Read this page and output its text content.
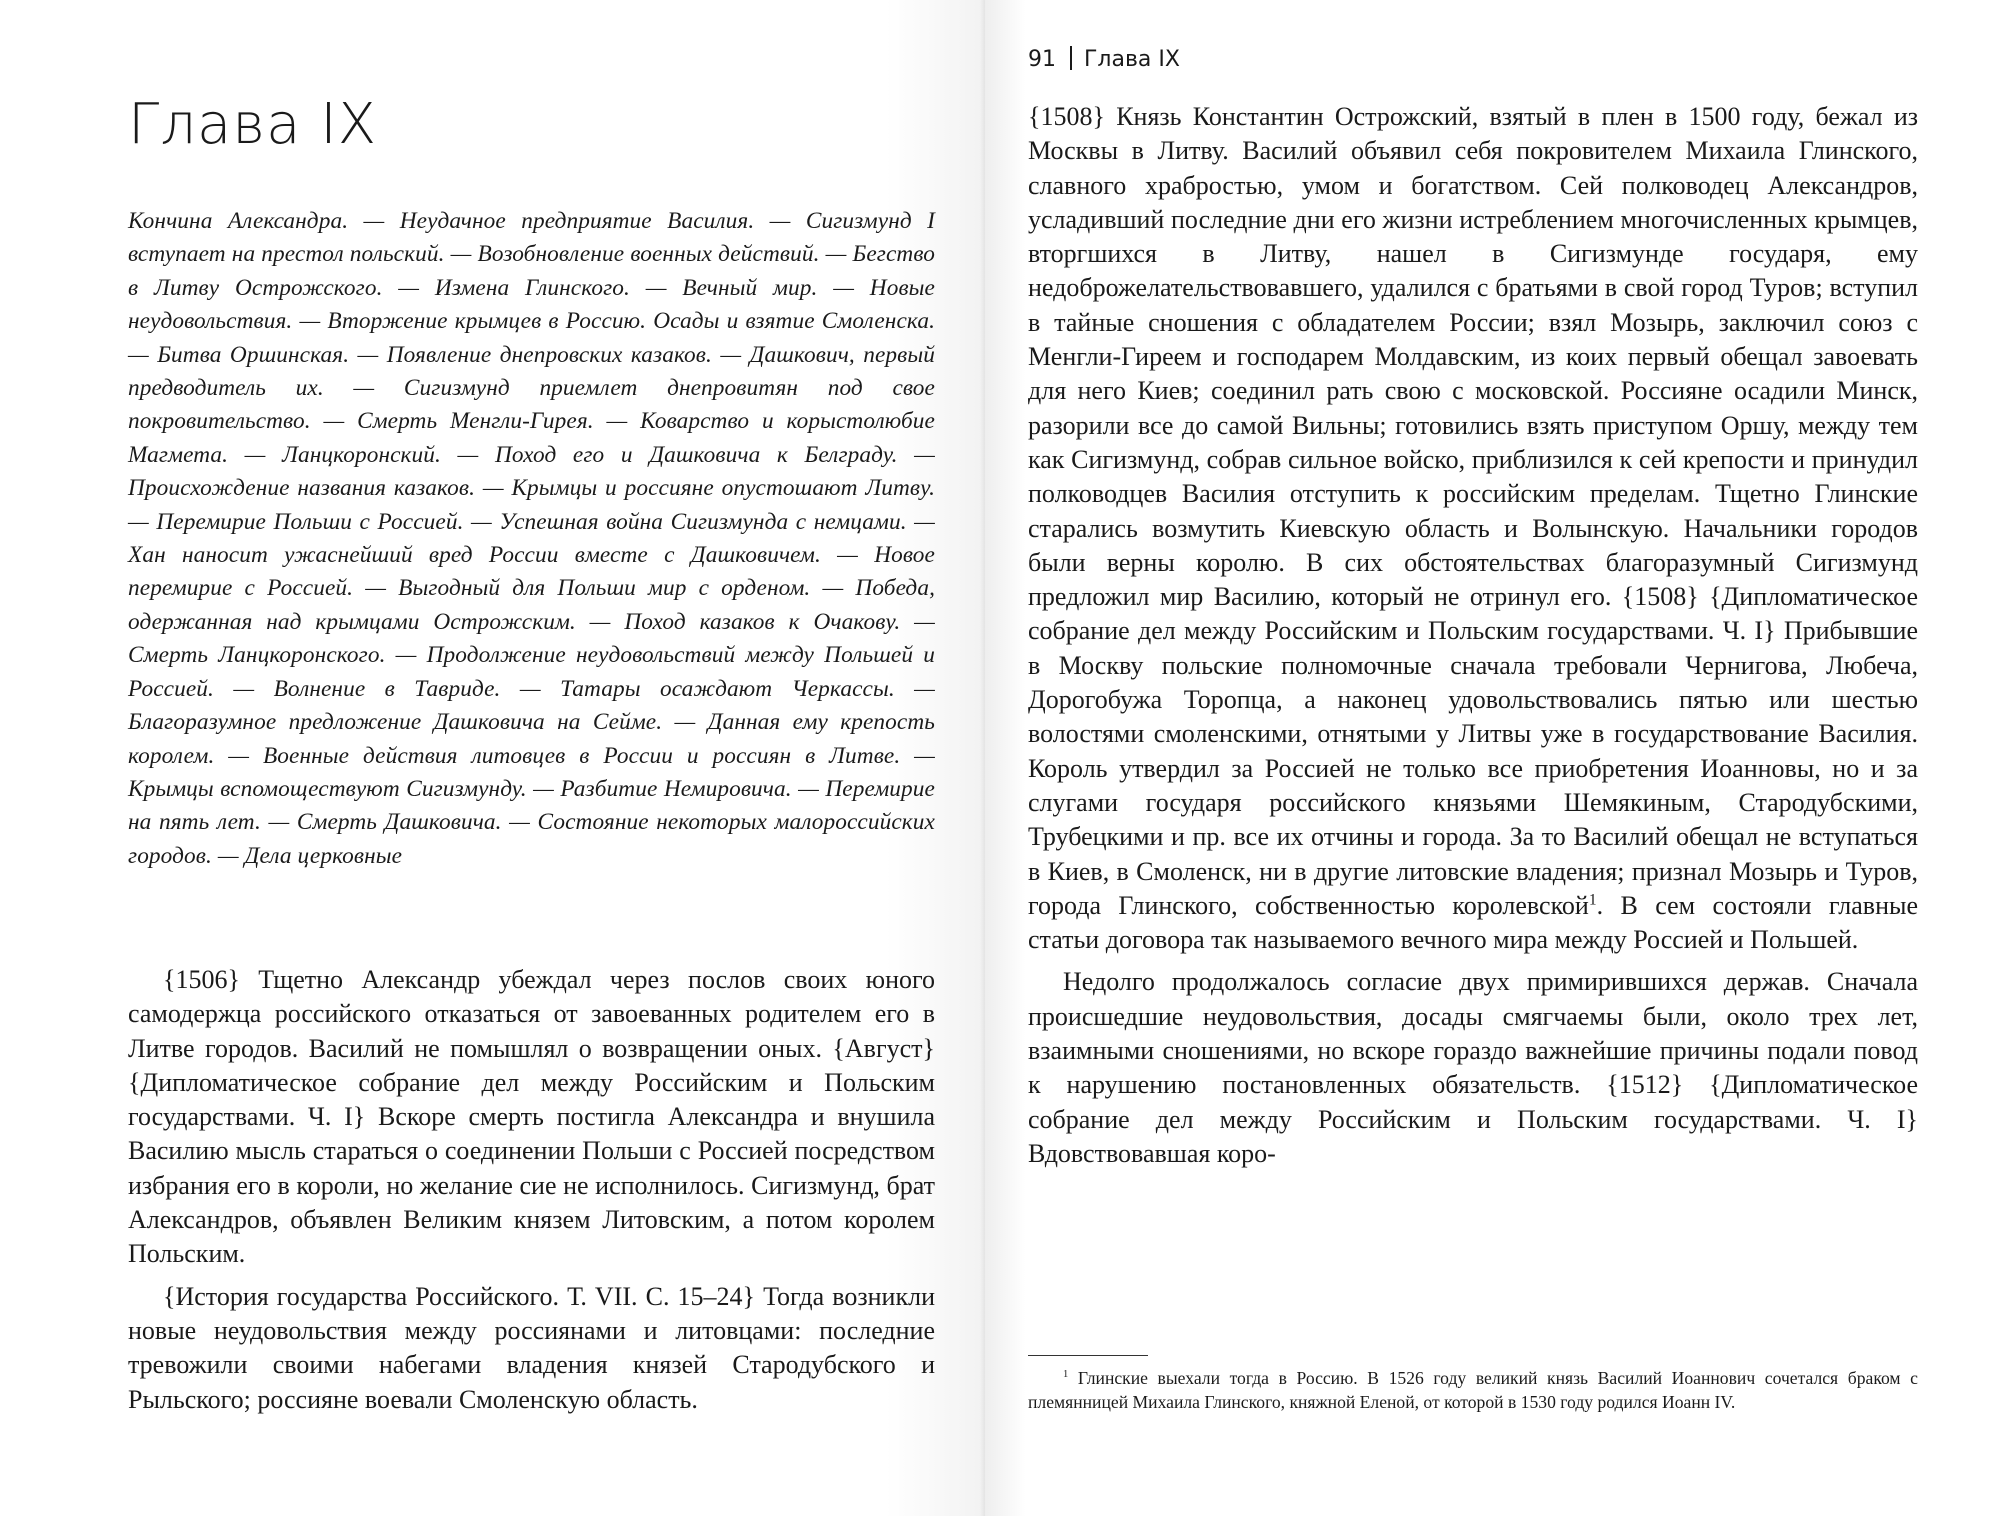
Глава IX

Кончина Александра. — Неудачное предприятие Василия. — Сигизмунд I вступает на престол польский. — Возобновление военных действий. — Бегство в Литву Острожского. — Измена Глинского. — Вечный мир. — Новые неудовольствия. — Вторжение крымцев в Россию. Осады и взятие Смоленска. — Битва Оршинская. — Появление днепровских казаков. — Дашкович, первый предводитель их. — Сигизмунд приемлет днепровитян под свое покровительство. — Смерть Менгли-Гирея. — Коварство и корыстолюбие Магмета. — Ланцкоронский. — Поход его и Дашковича к Белграду. — Происхождение названия казаков. — Крымцы и россияне опустошают Литву. — Перемирие Польши с Россией. — Успешная война Сигизмунда с немцами. — Хан наносит ужаснейший вред России вместе с Дашковичем. — Новое перемирие с Россией. — Выгодный для Польши мир с орденом. — Победа, одержанная над крымцами Острожским. — Поход казаков к Очакову. — Смерть Ланцкоронского. — Продолжение неудовольствий между Польшей и Россией. — Волнение в Тавриде. — Татары осаждают Черкассы. — Благоразумное предложение Дашковича на Сейме. — Данная ему крепость королем. — Военные действия литовцев в России и россиян в Литве. — Крымцы вспомоществуют Сигизмунду. — Разбитие Немировича. — Перемирие на пять лет. — Смерть Дашковича. — Состояние некоторых малороссийских городов. — Дела церковные

{1506} Тщетно Александр убеждал через послов своих юного самодержца российского отказаться от завоеванных родителем его в Литве городов. Василий не помышлял о возвращении оных. {Август} {Дипломатическое собрание дел между Российским и Польским государствами. Ч. I} Вскоре смерть постигла Александра и внушила Василию мысль стараться о соединении Польши с Россией посредством избрания его в короли, но желание сие не исполнилось. Сигизмунд, брат Александров, объявлен Великим князем Литовским, а потом королем Польским.

{История государства Российского. Т. VII. С. 15–24} Тогда возникли новые неудовольствия между россиянами и литовцами: последние тревожили своими набегами владения князей Стародубского и Рыльского; россияне воевали Смоленскую область.

91 Глава IX

{1508} Князь Константин Острожский, взятый в плен в 1500 году, бежал из Москвы в Литву. Василий объявил себя покровителем Михаила Глинского, славного храбростью, умом и богатством. Сей полководец Александров, усладивший последние дни его жизни истреблением многочисленных крымцев, вторгшихся в Литву, нашел в Сигизмунде государя, ему недоброжелательствовавшего, удалился с братьями в свой город Туров; вступил в тайные сношения с обладателем России; взял Мозырь, заключил союз с Менгли-Гиреем и господарем Молдавским, из коих первый обещал завоевать для него Киев; соединил рать свою с московской. Россияне осадили Минск, разорили все до самой Вильны; готовились взять приступом Оршу, между тем как Сигизмунд, собрав сильное войско, приблизился к сей крепости и принудил полководцев Василия отступить к российским пределам. Тщетно Глинские старались возмутить Киевскую область и Волынскую. Начальники городов были верны королю. В сих обстоятельствах благоразумный Сигизмунд предложил мир Василию, который не отринул его. {1508} {Дипломатическое собрание дел между Российским и Польским государствами. Ч. I} Прибывшие в Москву польские полномочные сначала требовали Чернигова, Любеча, Дорогобужа Торопца, а наконец удовольствовались пятью или шестью волостями смоленскими, отнятыми у Литвы уже в государствование Василия. Король утвердил за Россией не только все приобретения Иоанновы, но и за слугами государя российского князьями Шемякиным, Стародубскими, Трубецкими и пр. все их отчины и города. За то Василий обещал не вступаться в Киев, в Смоленск, ни в другие литовские владения; признал Мозырь и Туров, города Глинского, собственностью королевской$^1$. В сем состояли главные статьи договора так называемого вечного мира между Россией и Польшей.

Недолго продолжалось согласие двух примирившихся держав. Сначала происшедшие неудовольствия, досады смягчаемы были, около трех лет, взаимными сношениями, но вскоре гораздо важнейшие причины подали повод к нарушению постановленных обязательств. {1512} {Дипломатическое собрание дел между Российским и Польским государствами. Ч. I} Вдовствовавшая коро-

$^1$ Глинские выехали тогда в Россию. В 1526 году великий князь Василий Иоаннович сочетался браком с племянницей Михаила Глинского, княжной Еленой, от которой в 1530 году родился Иоанн IV.
